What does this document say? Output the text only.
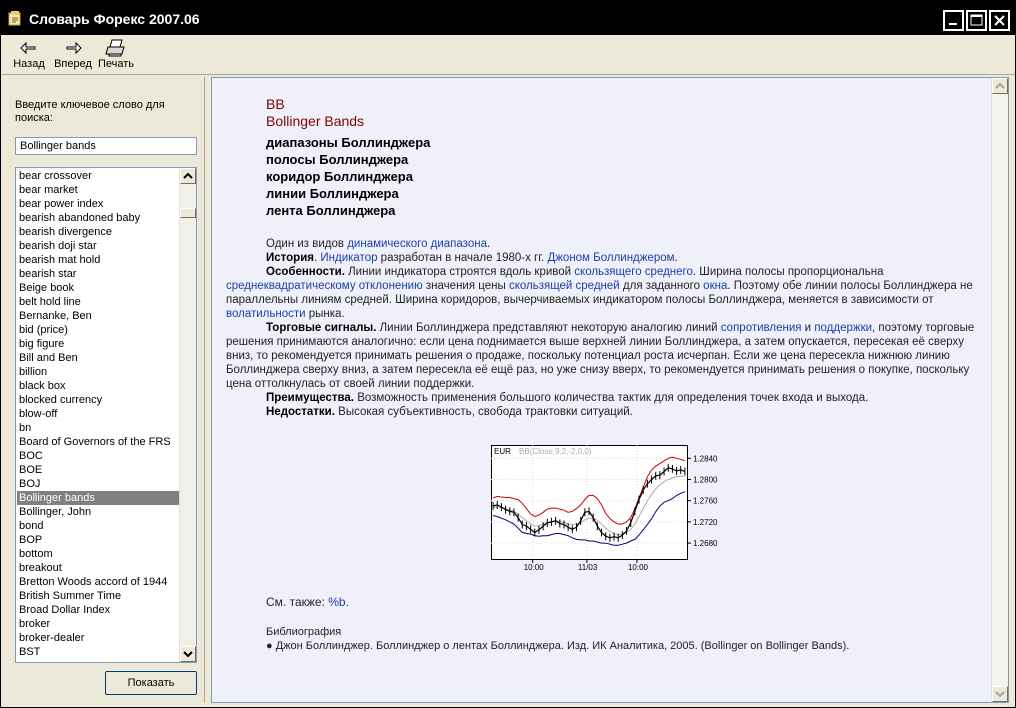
Словарь Форекс 2007.06
Назад Вперед Печать
Введите ключевое слово для поиска:
Bollinger bands
bear crossover
bear market
bear power index
bearish abandoned baby
bearish divergence
bearish doji star
bearish mat hold
bearish star
Beige book
belt hold line
Bernanke, Ben
bid (price)
big figure
Bill and Ben
billion
black box
blocked currency
blow-off
bn
Board of Governors of the FRS
BOC
BOE
BOJ
Bollinger bands
Bollinger, John
bond
BOP
bottom
breakout
Bretton Woods accord of 1944
British Summer Time
Broad Dollar Index
broker
broker-dealer
BST
Показать
BB
Bollinger Bands
диапазоны Боллинджера
полосы Боллинджера
коридор Боллинджера
линии Боллинджера
лента Боллинджера

Один из видов динамического диапазона.

История. Индикатор разработан в начале 1980-х гг. Джоном Боллинджером.

Особенности. Линии индикатора строятся вдоль кривой скользящего среднего. Ширина полосы пропорциональна среднеквадратическому отклонению значения цены скользящей средней для заданного окна. Поэтому обе линии полосы Боллинджера не параллельны линиям средней. Ширина коридоров, вычерчиваемых индикатором полосы Боллинджера, меняется в зависимости от волатильности рынка.

Торговые сигналы. Линии Боллинджера представляют некоторую аналогию линий сопротивления и поддержки, поэтому торговые решения принимаются аналогично: если цена поднимается выше верхней линии Боллинджера, а затем опускается, пересекая её сверху вниз, то рекомендуется принимать решения о продаже, поскольку потенциал роста исчерпан. Если же цена пересекла нижнюю линию Боллинджера сверху вниз, а затем пересекла её ещё раз, но уже снизу вверх, то рекомендуется принимать решения о покупке, поскольку цена оттолкнулась от своей линии поддержки.

Преимущества. Возможность применения большого количества тактик для определения точек входа и выхода.

Недостатки. Высокая субъективность, свобода трактовки ситуаций.

1.2840
1.2800
1.2760
1.2720
1.2680
10:00	11/03	10:00
EUR BB(Close,9,2,-2,0,0)
См. также: %b.
Библиография
● Джон Боллинджер. Боллинджер о лентах Боллинджера. Изд. ИК Аналитика, 2005. (Bollinger on Bollinger Bands).
